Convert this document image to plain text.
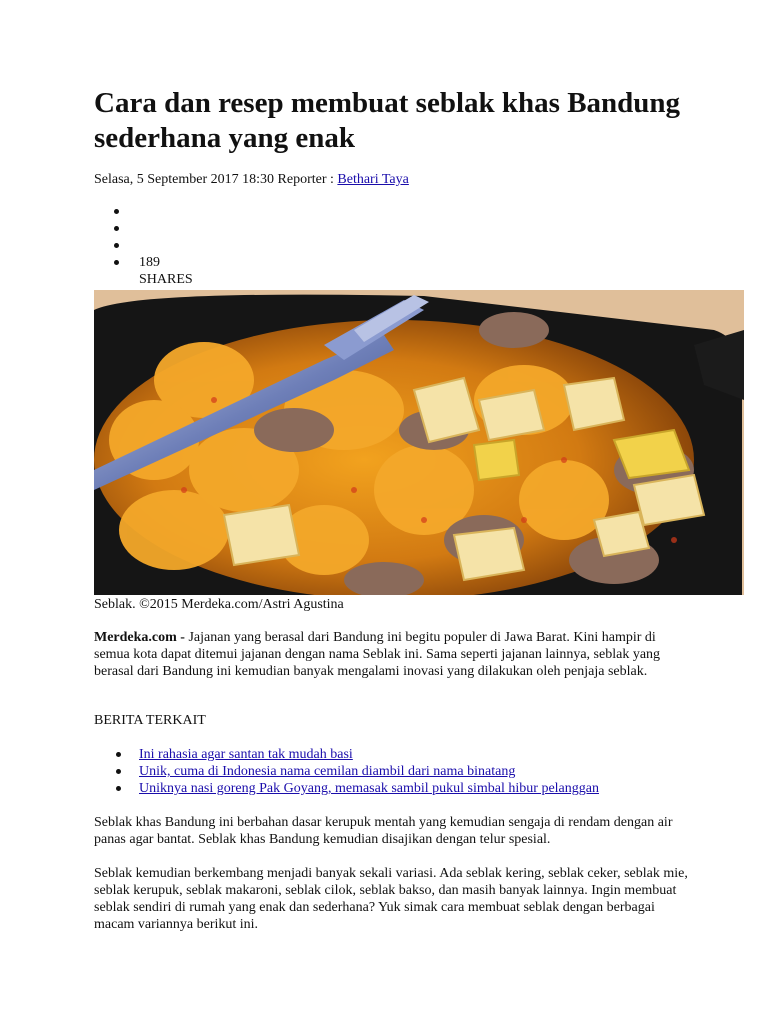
Cara dan resep membuat seblak khas Bandung sederhana yang enak
Selasa, 5 September 2017 18:30 Reporter : Bethari Taya
189
SHARES
Seblak. ©2015 Merdeka.com/Astri Agustina

Merdeka.com - Jajanan yang berasal dari Bandung ini begitu populer di Jawa Barat. Kini hampir di semua kota dapat ditemui jajanan dengan nama Seblak ini. Sama seperti jajanan lainnya, seblak yang berasal dari Bandung ini kemudian banyak mengalami inovasi yang dilakukan oleh penjaja seblak.

BERITA TERKAIT
Ini rahasia agar santan tak mudah basi
Unik, cuma di Indonesia nama cemilan diambil dari nama binatang
Uniknya nasi goreng Pak Goyang, memasak sambil pukul simbal hibur pelanggan

Seblak khas Bandung ini berbahan dasar kerupuk mentah yang kemudian sengaja di rendam dengan air panas agar bantat. Seblak khas Bandung kemudian disajikan dengan telur spesial.

Seblak kemudian berkembang menjadi banyak sekali variasi. Ada seblak kering, seblak ceker, seblak mie, seblak kerupuk, seblak makaroni, seblak cilok, seblak bakso, dan masih banyak lainnya. Ingin membuat seblak sendiri di rumah yang enak dan sederhana? Yuk simak cara membuat seblak dengan berbagai macam variannya berikut ini.
